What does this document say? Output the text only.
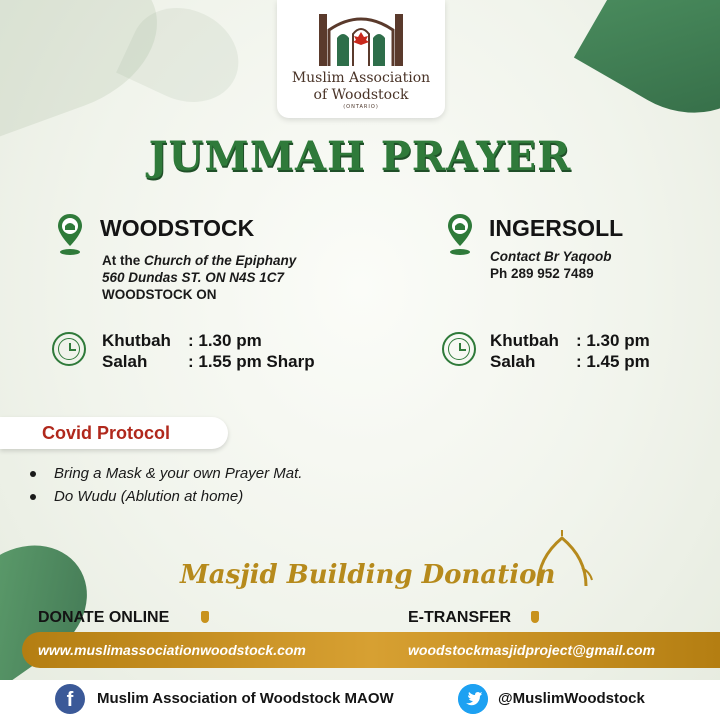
Muslim Association
of Woodstock
(ONTARIO)
JUMMAH PRAYER
WOODSTOCK
At the Church of the Epiphany
560 Dundas ST. ON N4S 1C7
WOODSTOCK ON
Khutbah	: 1.30 pm
Salah	: 1.55 pm Sharp
INGERSOLL
Contact Br Yaqoob
Ph 289 952 7489
Khutbah	: 1.30 pm
Salah	: 1.45 pm
Covid Protocol
Bring a Mask & your own Prayer Mat.
Do Wudu (Ablution at home)
Masjid Building Donation
DONATE ONLINE	E-TRANSFER
www.muslimassociationwoodstock.com	woodstockmasjidproject@gmail.com
f	Muslim Association of Woodstock MAOW	@MuslimWoodstock
